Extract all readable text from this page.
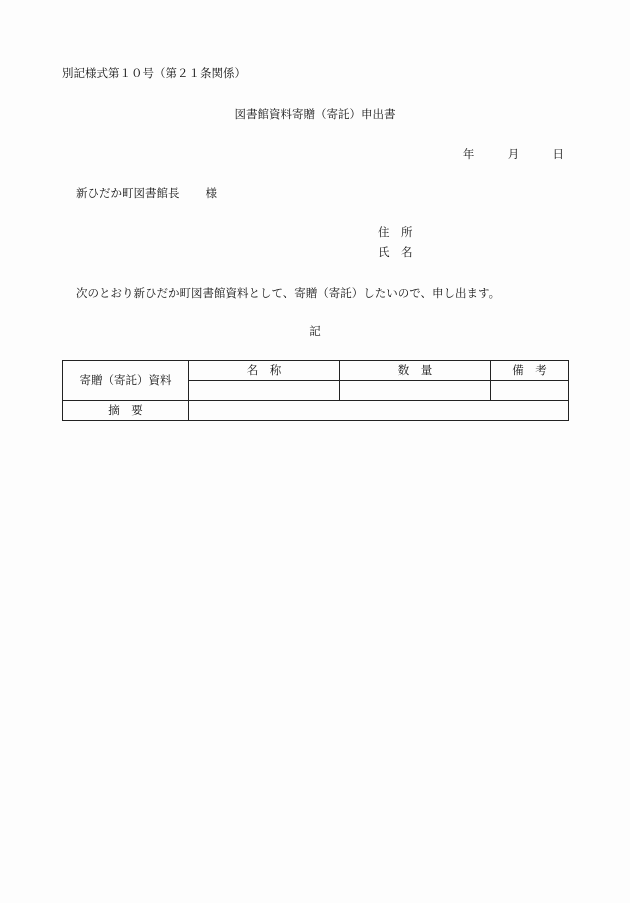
別記様式第１０号（第２１条関係）
図書館資料寄贈（寄託）申出書
年	月	日
新ひだか町図書館長 様
住　所
氏　名
次のとおり新ひだか町図書館資料として、寄贈（寄託）したいので、申し出ます。
記
寄贈（寄託）資料	名　称	数　量	備　考

摘　要			
